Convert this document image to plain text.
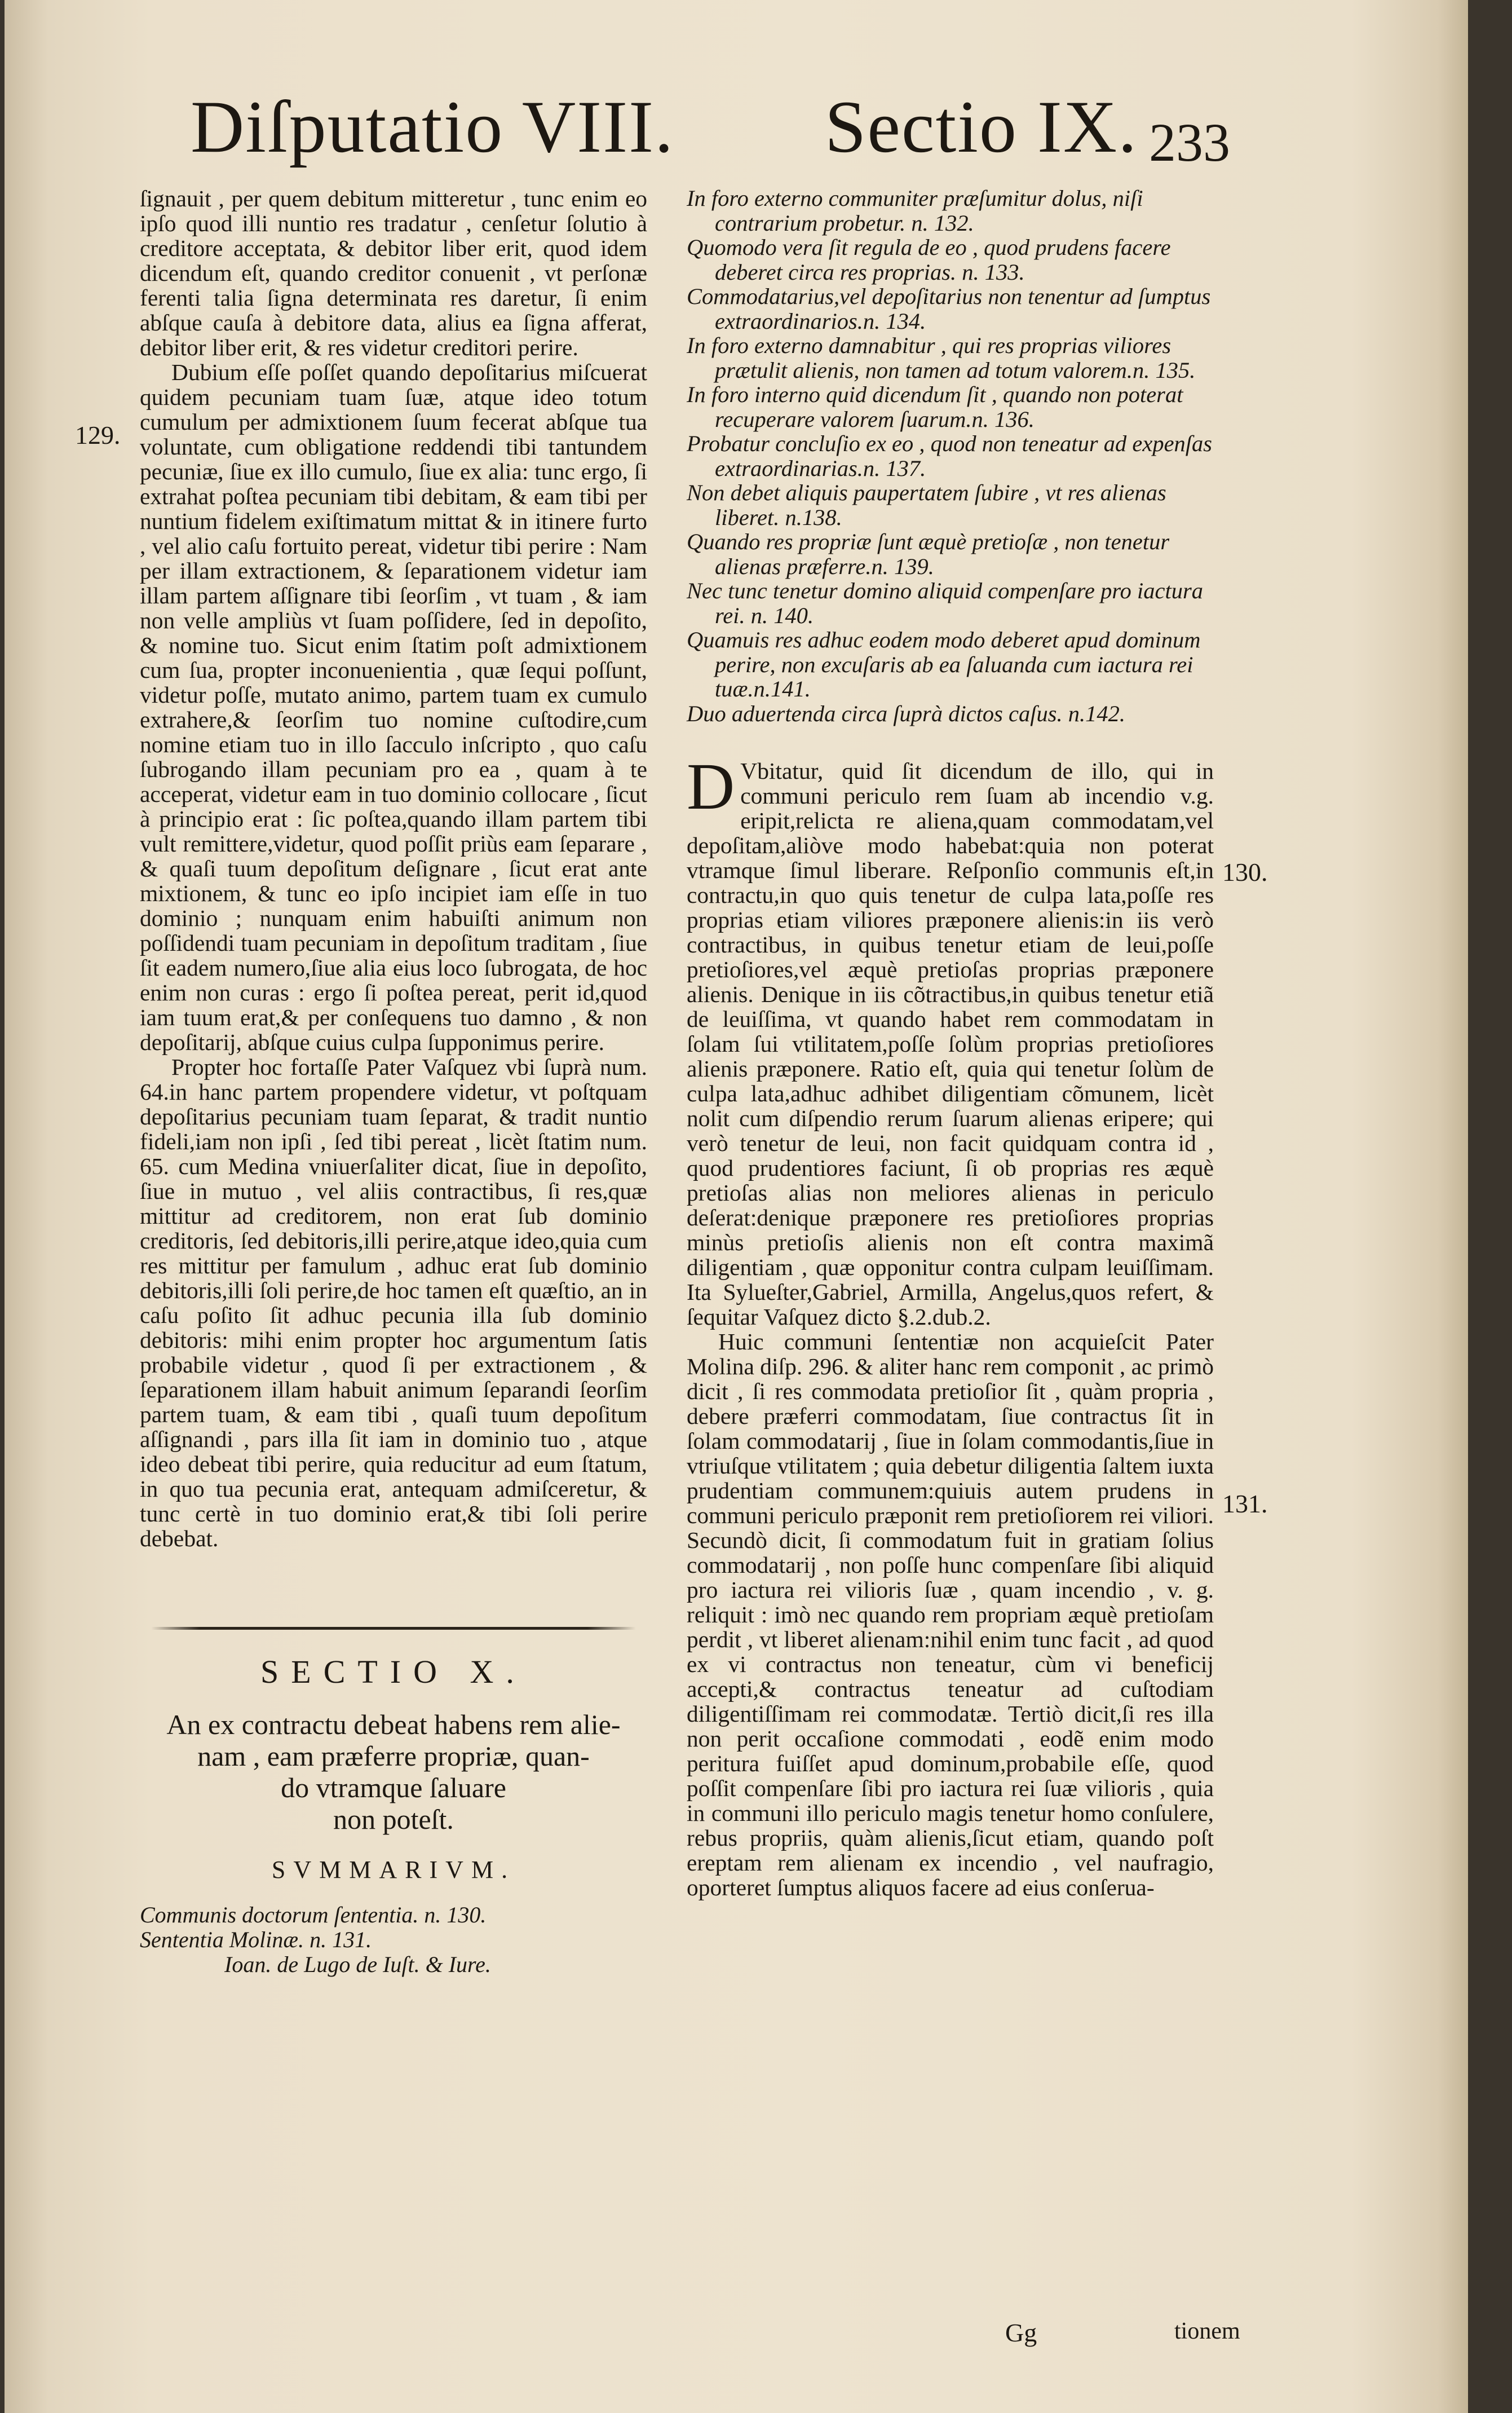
Diſputatio VIII. Sectio IX. 233
129.
130.
131.

ſignauit , per quem debitum mitteretur , tunc enim eo ipſo quod illi nuntio res tradatur , cenſetur ſolutio à creditore acceptata, & debitor liber erit, quod idem dicendum eſt, quando creditor conuenit , vt perſonæ ferenti talia ſigna determinata res daretur, ſi enim abſque cauſa à debitore data, alius ea ſigna afferat, debitor liber erit, & res videtur creditori perire.

Dubium eſſe poſſet quando depoſitarius miſcuerat quidem pecuniam tuam ſuæ, atque ideo totum cumulum per admixtionem ſuum fecerat abſque tua voluntate, cum obligatione reddendi tibi tantundem pecuniæ, ſiue ex illo cumulo, ſiue ex alia: tunc ergo, ſi extrahat poſtea pecuniam tibi debitam, & eam tibi per nuntium fidelem exiſtimatum mittat & in itinere furto , vel alio caſu fortuito pereat, videtur tibi perire : Nam per illam extractionem, & ſeparationem videtur iam illam partem aſſignare tibi ſeorſim , vt tuam , & iam non velle ampliùs vt ſuam poſſidere, ſed in depoſito, & nomine tuo. Sicut enim ſtatim poſt admixtionem cum ſua, propter inconuenientia , quæ ſequi poſſunt, videtur poſſe, mutato animo, partem tuam ex cumulo extrahere,& ſeorſim tuo nomine cuſtodire,cum nomine etiam tuo in illo ſacculo inſcripto , quo caſu ſubrogando illam pecuniam pro ea , quam à te acceperat, videtur eam in tuo dominio collocare , ſicut à principio erat : ſic poſtea,quando illam partem tibi vult remittere,videtur, quod poſſit priùs eam ſeparare , & quaſi tuum depoſitum deſignare , ſicut erat ante mixtionem, & tunc eo ipſo incipiet iam eſſe in tuo dominio ; nunquam enim habuiſti animum non poſſidendi tuam pecuniam in depoſitum traditam , ſiue ſit eadem numero,ſiue alia eius loco ſubrogata, de hoc enim non curas : ergo ſi poſtea pereat, perit id,quod iam tuum erat,& per conſequens tuo damno , & non depoſitarij, abſque cuius culpa ſupponimus perire.

Propter hoc fortaſſe Pater Vaſquez vbi ſuprà num. 64.in hanc partem propendere videtur, vt poſtquam depoſitarius pecuniam tuam ſeparat, & tradit nuntio fideli,iam non ipſi , ſed tibi pereat , licèt ſtatim num. 65. cum Medina vniuerſaliter dicat, ſiue in depoſito, ſiue in mutuo , vel aliis contractibus, ſi res,quæ mittitur ad creditorem, non erat ſub dominio creditoris, ſed debitoris,illi perire,atque ideo,quia cum res mittitur per famulum , adhuc erat ſub dominio debitoris,illi ſoli perire,de hoc tamen eſt quæſtio, an in caſu poſito ſit adhuc pecunia illa ſub dominio debitoris: mihi enim propter hoc argumentum ſatis probabile videtur , quod ſi per extractionem , & ſeparationem illam habuit animum ſeparandi ſeorſim partem tuam, & eam tibi , quaſi tuum depoſitum aſſignandi , pars illa ſit iam in dominio tuo , atque ideo debeat tibi perire, quia reducitur ad eum ſtatum, in quo tua pecunia erat, antequam admiſceretur, & tunc certè in tuo dominio erat,& tibi ſoli perire debebat.

SECTIO X.

An ex contractu debeat habens rem alie-

nam , eam præferre propriæ, quan-

do vtramque ſaluare

non poteſt.

SVMMARIVM.

Communis doctorum ſententia. n. 130.

Sententia Molinæ. n. 131.

Ioan. de Lugo de Iuſt. & Iure.

In foro externo communiter præſumitur dolus, niſi contrarium probetur. n. 132.

Quomodo vera ſit regula de eo , quod prudens facere deberet circa res proprias. n. 133.

Commodatarius,vel depoſitarius non tenentur ad ſumptus extraordinarios.n. 134.

In foro externo damnabitur , qui res proprias viliores prætulit alienis, non tamen ad totum valorem.n. 135.

In foro interno quid dicendum ſit , quando non poterat recuperare valorem ſuarum.n. 136.

Probatur concluſio ex eo , quod non teneatur ad expenſas extraordinarias.n. 137.

Non debet aliquis paupertatem ſubire , vt res alienas liberet. n.138.

Quando res propriæ ſunt æquè pretioſæ , non tenetur alienas præferre.n. 139.

Nec tunc tenetur domino aliquid compenſare pro iactura rei. n. 140.

Quamuis res adhuc eodem modo deberet apud dominum perire, non excuſaris ab ea ſaluanda cum iactura rei tuæ.n.141.

Duo aduertenda circa ſuprà dictos caſus. n.142.

D Vbitatur, quid ſit dicendum de illo, qui in communi periculo rem ſuam ab incendio v.g. eripit,relicta re aliena,quam commodatam,vel depoſitam,aliòve modo habebat:quia non poterat vtramque ſimul liberare. Reſponſio communis eſt,in contractu,in quo quis tenetur de culpa lata,poſſe res proprias etiam viliores præponere alienis:in iis verò contractibus, in quibus tenetur etiam de leui,poſſe pretioſiores,vel æquè pretioſas proprias præponere alienis. Denique in iis cõtractibus,in quibus tenetur etiã de leuiſſima, vt quando habet rem commodatam in ſolam ſui vtilitatem,poſſe ſolùm proprias pretioſiores alienis præponere. Ratio eſt, quia qui tenetur ſolùm de culpa lata,adhuc adhibet diligentiam cõmunem, licèt nolit cum diſpendio rerum ſuarum alienas eripere; qui verò tenetur de leui, non facit quidquam contra id , quod prudentiores faciunt, ſi ob proprias res æquè pretioſas alias non meliores alienas in periculo deſerat:denique præponere res pretioſiores proprias minùs pretioſis alienis non eſt contra maximã diligentiam , quæ opponitur contra culpam leuiſſimam. Ita Sylueſter,Gabriel, Armilla, Angelus,quos refert, & ſequitar Vaſquez dicto §.2.dub.2.

Huic communi ſententiæ non acquieſcit Pater Molina diſp. 296. & aliter hanc rem componit , ac primò dicit , ſi res commodata pretioſior ſit , quàm propria , debere præferri commodatam, ſiue contractus ſit in ſolam commodatarij , ſiue in ſolam commodantis,ſiue in vtriuſque vtilitatem ; quia debetur diligentia ſaltem iuxta prudentiam communem:quiuis autem prudens in communi periculo præponit rem pretioſiorem rei viliori. Secundò dicit, ſi commodatum fuit in gratiam ſolius commodatarij , non poſſe hunc compenſare ſibi aliquid pro iactura rei vilioris ſuæ , quam incendio , v. g. reliquit : imò nec quando rem propriam æquè pretioſam perdit , vt liberet alienam:nihil enim tunc facit , ad quod ex vi contractus non teneatur, cùm vi beneficij accepti,& contractus teneatur ad cuſtodiam diligentiſſimam rei commodatæ. Tertiò dicit,ſi res illa non perit occaſione commodati , eodẽ enim modo peritura fuiſſet apud dominum,probabile eſſe, quod poſſit compenſare ſibi pro iactura rei ſuæ vilioris , quia in communi illo periculo magis tenetur homo conſulere, rebus propriis, quàm alienis,ſicut etiam, quando poſt ereptam rem alienam ex incendio , vel naufragio, oporteret ſumptus aliquos facere ad eius conſerua-

Gg	tionem
